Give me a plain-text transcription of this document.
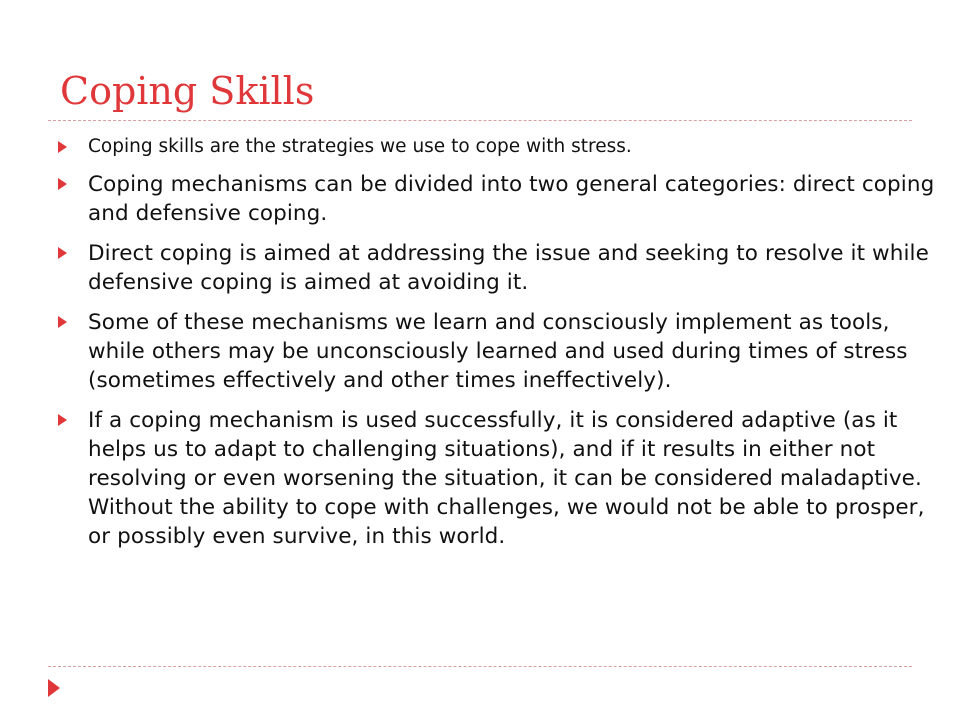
Coping Skills
Coping skills are the strategies we use to cope with stress.
Coping mechanisms can be divided into two general categories: direct coping and defensive coping.
Direct coping is aimed at addressing the issue and seeking to resolve it while defensive coping is aimed at avoiding it.
Some of these mechanisms we learn and consciously implement as tools, while others may be unconsciously learned and used during times of stress (sometimes effectively and other times ineffectively).
If a coping mechanism is used successfully, it is considered adaptive (as it helps us to adapt to challenging situations), and if it results in either not resolving or even worsening the situation, it can be considered maladaptive. Without the ability to cope with challenges, we would not be able to prosper, or possibly even survive, in this world.
